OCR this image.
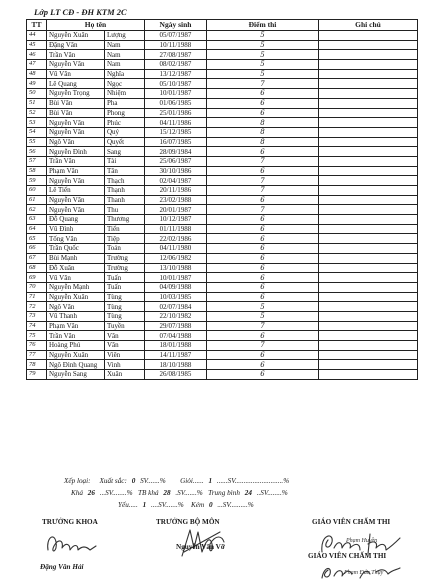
Lớp LT CĐ - ĐH KTM 2C
TT	Họ tên		Ngày sinh	Điểm thi	Ghi chú
44	Nguyễn Xuân	Lượng	05/07/1987	5	
45	Đặng Văn	Nam	10/11/1988	5	
46	Trần Văn	Nam	27/08/1987	5	
47	Nguyễn Văn	Nam	08/02/1987	5	
48	Vũ Văn	Nghĩa	13/12/1987	5	
49	Lê Quang	Ngọc	05/10/1987	7	
50	Nguyễn Trọng	Nhiệm	10/01/1987	6	
51	Bùi Văn	Pha	01/06/1985	6	
52	Bùi Văn	Phong	25/01/1986	6	
53	Nguyễn Văn	Phúc	04/11/1986	8	
54	Nguyễn Văn	Quý	15/12/1985	8	
55	Ngô Văn	Quyết	16/07/1985	8	
56	Nguyễn Đình	Sang	28/09/1984	6	
57	Trần Văn	Tài	25/06/1987	7	
58	Phạm Văn	Tân	30/10/1986	6	
59	Nguyễn Văn	Thạch	02/04/1987	7	
60	Lê Tiến	Thạnh	20/11/1986	7	
61	Nguyễn Văn	Thanh	23/02/1988	6	
62	Nguyễn Văn	Thu	20/01/1987	7	
63	Đỗ Quang	Thương	10/12/1987	6	
64	Vũ Đình	Tiến	01/11/1988	6	
65	Tống Văn	Tiệp	22/02/1986	6	
66	Trần Quốc	Toản	04/11/1980	6	
67	Bùi Mạnh	Trường	12/06/1982	6	
68	Đỗ Xuân	Trường	13/10/1988	6	
69	Vũ Văn	Tuấn	10/01/1987	6	
70	Nguyễn Mạnh	Tuấn	04/09/1988	6	
71	Nguyễn Xuân	Tùng	10/03/1985	6	
72	Ngô Văn	Tùng	02/07/1984	5	
73	Vũ Thanh	Tùng	22/10/1982	5	
74	Phạm Văn	Tuyền	29/07/1988	7	
75	Trần Văn	Văn	07/04/1988	6	
76	Hoàng Phú	Văn	18/01/1988	7	
77	Nguyễn Xuân	Viên	14/11/1987	6	
78	Ngô Đình Quang	Vinh	18/10/1988	6	
79	Nguyễn Sang	Xuân	26/08/1985	6	
Xếp loại: Xuất sắc: 0 SV.......% Giỏi...... 1 ......SV...........................%
Khá 26 ...SV........% TB khá 28 .SV.......% Trung bình 24 ..SV........%
Yếu..... 1 ....SV.......% Kém 0 ...SV..........%
TRƯỞNG KHOA
Đặng Văn Hải
TRƯỞNG BỘ MÔN
Nguyễn Văn Vỡ
GIÁO VIÊN CHẤM THI
Phạm Huyền
GIÁO VIÊN CHẤM THI
Phạm Đức Thụy
